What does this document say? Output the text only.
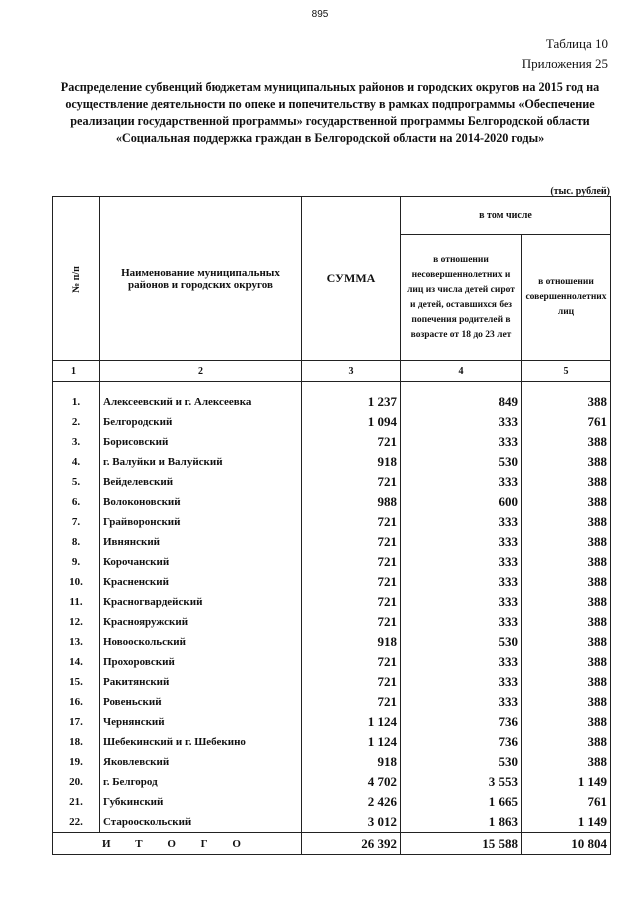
895
Таблица 10
Приложения 25
Распределение субвенций бюджетам муниципальных районов и городских округов на 2015 год на осуществление деятельности по опеке и попечительству в рамках подпрограммы «Обеспечение реализации государственной программы» государственной программы Белгородской области «Социальная поддержка граждан в Белгородской области на 2014-2020 годы»
(тыс. рублей)
№ п/п	Наименование муниципальных районов и городских округов	СУММА	в том числе	
			в отношении несовершеннолетних и лиц из числа детей сирот и детей, оставшихся без попечения родителей в возрасте от 18 до 23 лет	в отношении совершеннолетних лиц
1	2	3	4	5

1.	Алексеевский и г. Алексеевка	1 237	849	388
2.	Белгородский	1 094	333	761
3.	Борисовский	721	333	388
4.	г. Валуйки и Валуйский	918	530	388
5.	Вейделевский	721	333	388
6.	Волоконовский	988	600	388
7.	Грайворонский	721	333	388
8.	Ивнянский	721	333	388
9.	Корочанский	721	333	388
10.	Красненский	721	333	388
11.	Красногвардейский	721	333	388
12.	Краснояружский	721	333	388
13.	Новооскольский	918	530	388
14.	Прохоровский	721	333	388
15.	Ракитянский	721	333	388
16.	Ровеньский	721	333	388
17.	Чернянский	1 124	736	388
18.	Шебекинский и г. Шебекино	1 124	736	388
19.	Яковлевский	918	530	388
20.	г. Белгород	4 702	3 553	1 149
21.	Губкинский	2 426	1 665	761
22.	Старооскольский	3 012	1 863	1 149
И Т О Г О		26 392	15 588	10 804
